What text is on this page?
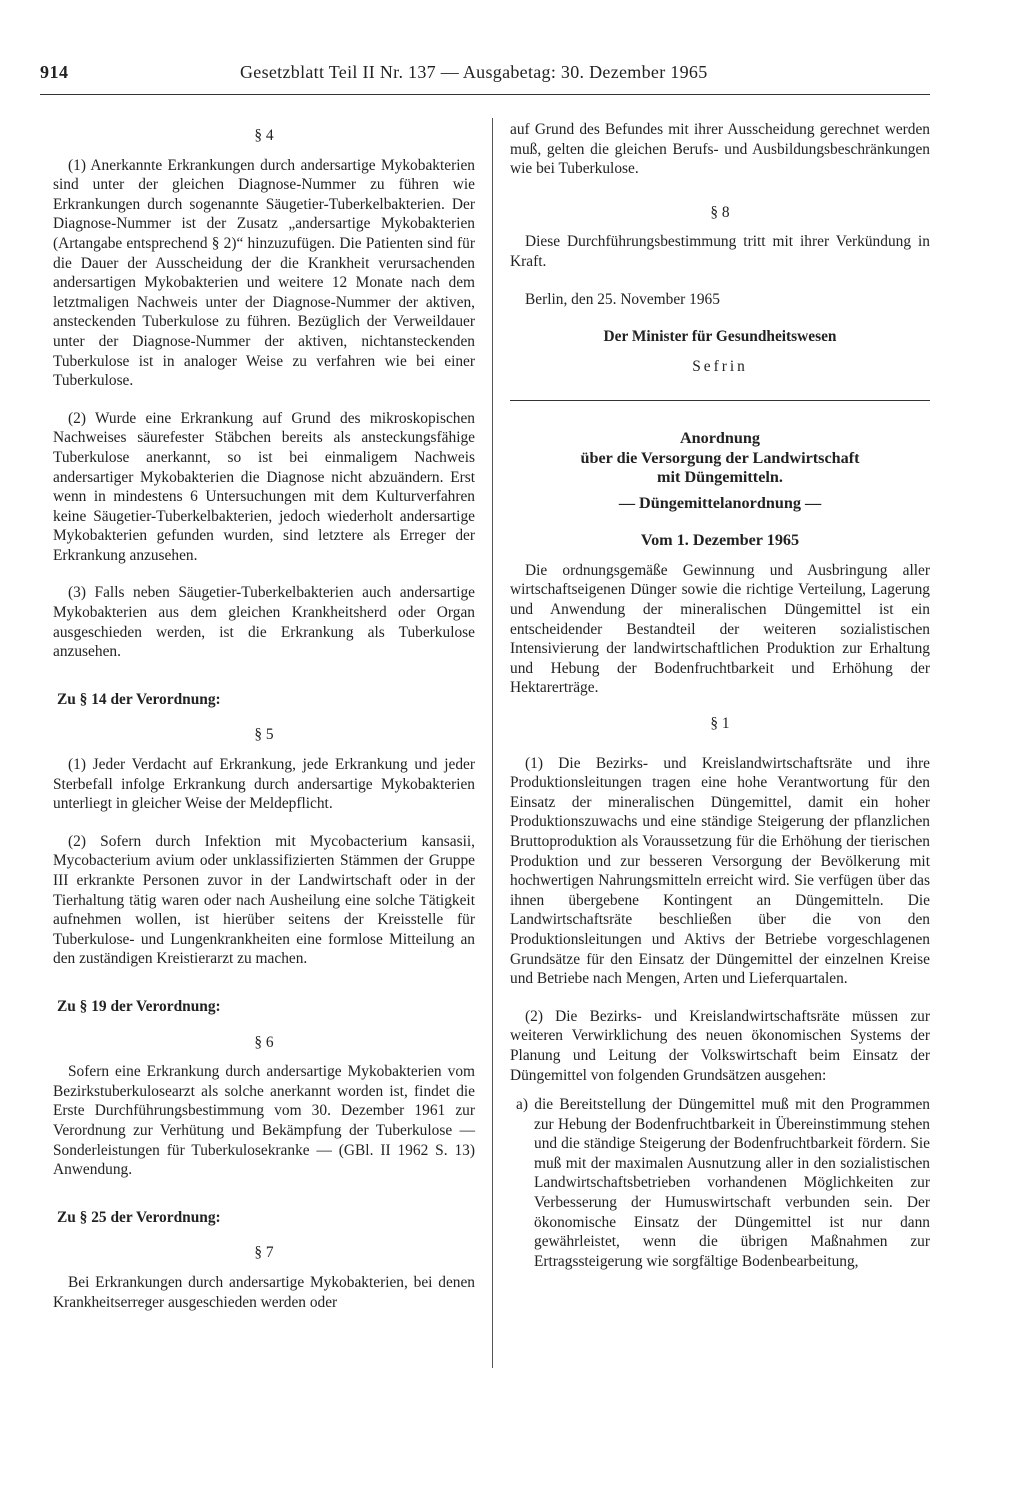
914	Gesetzblatt Teil II Nr. 137 — Ausgabetag: 30. Dezember 1965

§ 4

(1) Anerkannte Erkrankungen durch andersartige Mykobakterien sind unter der gleichen Diagnose-Nummer zu führen wie Erkrankungen durch sogenannte Säugetier-Tuberkelbakterien. Der Diagnose-Nummer ist der Zusatz „andersartige Mykobakterien (Artangabe entsprechend § 2)“ hinzuzufügen. Die Patienten sind für die Dauer der Ausscheidung der die Krankheit verursachenden andersartigen Mykobakterien und weitere 12 Monate nach dem letztmaligen Nachweis unter der Diagnose-Nummer der aktiven, ansteckenden Tuberkulose zu führen. Bezüglich der Verweildauer unter der Diagnose-Nummer der aktiven, nichtansteckenden Tuberkulose ist in analoger Weise zu verfahren wie bei einer Tuberkulose.

(2) Wurde eine Erkrankung auf Grund des mikroskopischen Nachweises säurefester Stäbchen bereits als ansteckungsfähige Tuberkulose anerkannt, so ist bei einmaligem Nachweis andersartiger Mykobakterien die Diagnose nicht abzuändern. Erst wenn in mindestens 6 Untersuchungen mit dem Kulturverfahren keine Säugetier-Tuberkelbakterien, jedoch wiederholt andersartige Mykobakterien gefunden wurden, sind letztere als Erreger der Erkrankung anzusehen.

(3) Falls neben Säugetier-Tuberkelbakterien auch andersartige Mykobakterien aus dem gleichen Krankheitsherd oder Organ ausgeschieden werden, ist die Erkrankung als Tuberkulose anzusehen.

Zu § 14 der Verordnung:

§ 5

(1) Jeder Verdacht auf Erkrankung, jede Erkrankung und jeder Sterbefall infolge Erkrankung durch andersartige Mykobakterien unterliegt in gleicher Weise der Meldepflicht.

(2) Sofern durch Infektion mit Mycobacterium kansasii, Mycobacterium avium oder unklassifizierten Stämmen der Gruppe III erkrankte Personen zuvor in der Landwirtschaft oder in der Tierhaltung tätig waren oder nach Ausheilung eine solche Tätigkeit aufnehmen wollen, ist hierüber seitens der Kreisstelle für Tuberkulose- und Lungenkrankheiten eine formlose Mitteilung an den zuständigen Kreistierarzt zu machen.

Zu § 19 der Verordnung:

§ 6

Sofern eine Erkrankung durch andersartige Mykobakterien vom Bezirkstuberkulosearzt als solche anerkannt worden ist, findet die Erste Durchführungsbestimmung vom 30. Dezember 1961 zur Verordnung zur Verhütung und Bekämpfung der Tuberkulose — Sonderleistungen für Tuberkulosekranke — (GBl. II 1962 S. 13) Anwendung.

Zu § 25 der Verordnung:

§ 7

Bei Erkrankungen durch andersartige Mykobakterien, bei denen Krankheitserreger ausgeschieden werden oder

auf Grund des Befundes mit ihrer Ausscheidung gerechnet werden muß, gelten die gleichen Berufs- und Ausbildungsbeschränkungen wie bei Tuberkulose.

§ 8

Diese Durchführungsbestimmung tritt mit ihrer Verkündung in Kraft.

Berlin, den 25. November 1965

Der Minister für Gesundheitswesen

Sefrin

Anordnung

über die Versorgung der Landwirtschaft

mit Düngemitteln.

— Düngemittelanordnung —

Vom 1. Dezember 1965

Die ordnungsgemäße Gewinnung und Ausbringung aller wirtschaftseigenen Dünger sowie die richtige Verteilung, Lagerung und Anwendung der mineralischen Düngemittel ist ein entscheidender Bestandteil der weiteren sozialistischen Intensivierung der landwirtschaftlichen Produktion zur Erhaltung und Hebung der Bodenfruchtbarkeit und Erhöhung der Hektarerträge.

§ 1

(1) Die Bezirks- und Kreislandwirtschaftsräte und ihre Produktionsleitungen tragen eine hohe Verantwortung für den Einsatz der mineralischen Düngemittel, damit ein hoher Produktionszuwachs und eine ständige Steigerung der pflanzlichen Bruttoproduktion als Voraussetzung für die Erhöhung der tierischen Produktion und zur besseren Versorgung der Bevölkerung mit hochwertigen Nahrungsmitteln erreicht wird. Sie verfügen über das ihnen übergebene Kontingent an Düngemitteln. Die Landwirtschaftsräte beschließen über die von den Produktionsleitungen und Aktivs der Betriebe vorgeschlagenen Grundsätze für den Einsatz der Düngemittel der einzelnen Kreise und Betriebe nach Mengen, Arten und Lieferquartalen.

(2) Die Bezirks- und Kreislandwirtschaftsräte müssen zur weiteren Verwirklichung des neuen ökonomischen Systems der Planung und Leitung der Volkswirtschaft beim Einsatz der Düngemittel von folgenden Grundsätzen ausgehen:

a) die Bereitstellung der Düngemittel muß mit den Programmen zur Hebung der Bodenfruchtbarkeit in Übereinstimmung stehen und die ständige Steigerung der Bodenfruchtbarkeit fördern. Sie muß mit der maximalen Ausnutzung aller in den sozialistischen Landwirtschaftsbetrieben vorhandenen Möglichkeiten zur Verbesserung der Humuswirtschaft verbunden sein. Der ökonomische Einsatz der Düngemittel ist nur dann gewährleistet, wenn die übrigen Maßnahmen zur Ertragssteigerung wie sorgfältige Bodenbearbeitung,
